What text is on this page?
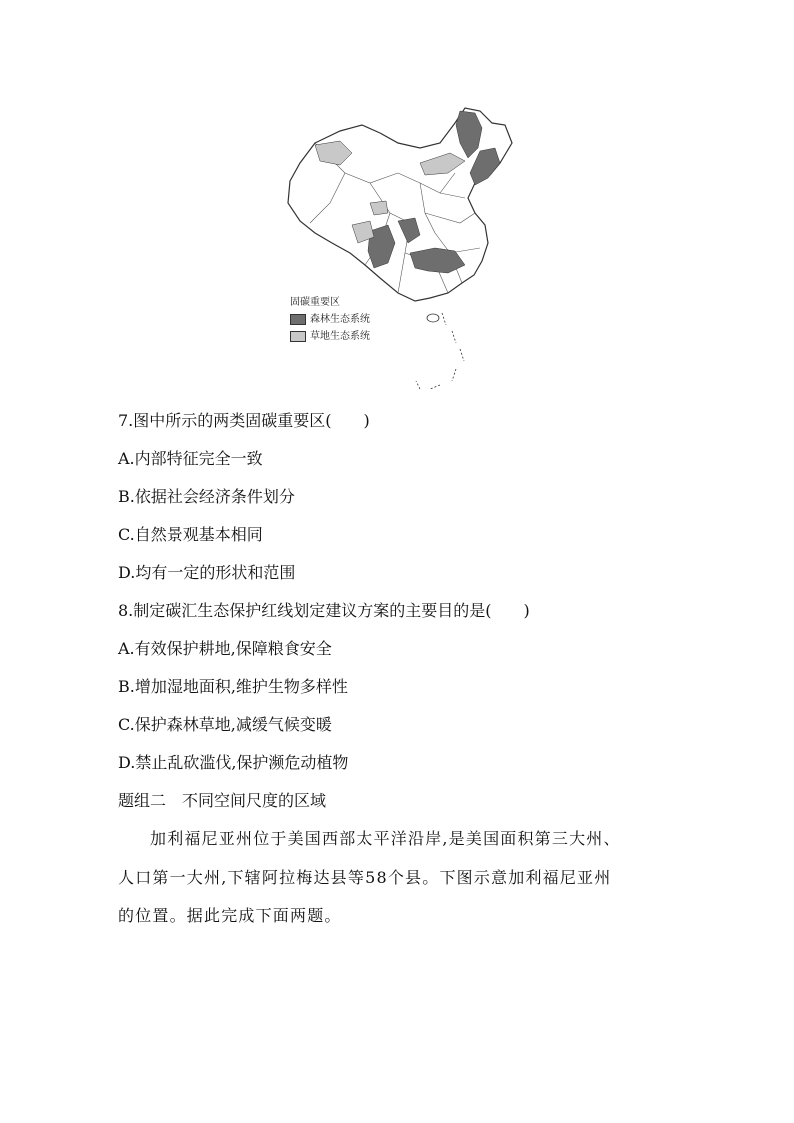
固碳重要区
森林生态系统
草地生态系统
7.图中所示的两类固碳重要区(　　)
A.内部特征完全一致
B.依据社会经济条件划分
C.自然景观基本相同
D.均有一定的形状和范围
8.制定碳汇生态保护红线划定建议方案的主要目的是(　　)
A.有效保护耕地,保障粮食安全
B.增加湿地面积,维护生物多样性
C.保护森林草地,减缓气候变暖
D.禁止乱砍滥伐,保护濒危动植物
题组二 不同空间尺度的区域
加利福尼亚州位于美国西部太平洋沿岸,是美国面积第三大州、
人口第一大州,下辖阿拉梅达县等58个县。下图示意加利福尼亚州
的位置。据此完成下面两题。
